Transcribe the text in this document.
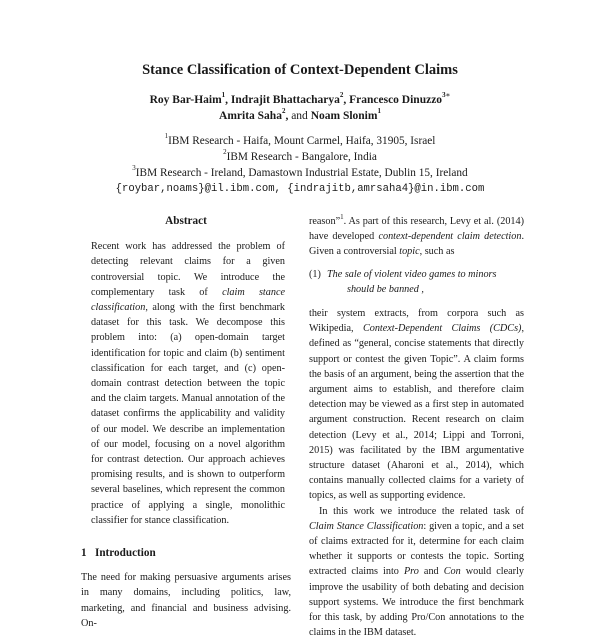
Stance Classification of Context-Dependent Claims
Roy Bar-Haim$^1$, Indrajit Bhattacharya$^2$, Francesco Dinuzzo$^{3∗}$
Amrita Saha$^2$, and Noam Slonim$^1$
$^1$IBM Research - Haifa, Mount Carmel, Haifa, 31905, Israel
$^2$IBM Research - Bangalore, India
$^3$IBM Research - Ireland, Damastown Industrial Estate, Dublin 15, Ireland
{roybar,noams}@il.ibm.com, {indrajitb,amrsaha4}@in.ibm.com
Abstract

Recent work has addressed the problem of detecting relevant claims for a given controversial topic. We introduce the complementary task of claim stance classification, along with the first benchmark dataset for this task. We decompose this problem into: (a) open-domain target identification for topic and claim (b) sentiment classification for each target, and (c) open-domain contrast detection between the topic and the claim targets. Manual annotation of the dataset confirms the applicability and validity of our model. We describe an implementation of our model, focusing on a novel algorithm for contrast detection. Our approach achieves promising results, and is shown to outperform several baselines, which represent the common practice of applying a single, monolithic classifier for stance classification.

1 Introduction

The need for making persuasive arguments arises in many domains, including politics, law, marketing, and financial and business advising. On-

reason”$^1$. As part of this research, Levy et al. (2014) have developed context-dependent claim detection. Given a controversial topic, such as

(1) The sale of violent video games to minors
should be banned ,

their system extracts, from corpora such as Wikipedia, Context-Dependent Claims (CDCs), defined as “general, concise statements that directly support or contest the given Topic”. A claim forms the basis of an argument, being the assertion that the argument aims to establish, and therefore claim detection may be viewed as a first step in automated argument construction. Recent research on claim detection (Levy et al., 2014; Lippi and Torroni, 2015) was facilitated by the IBM argumentative structure dataset (Aharoni et al., 2014), which contains manually collected claims for a variety of topics, as well as supporting evidence.

In this work we introduce the related task of Claim Stance Classification: given a topic, and a set of claims extracted for it, determine for each claim whether it supports or contests the topic. Sorting extracted claims into Pro and Con would clearly improve the usability of both debating and decision support systems. We introduce the first benchmark for this task, by adding Pro/Con annotations to the claims in the IBM dataset.
